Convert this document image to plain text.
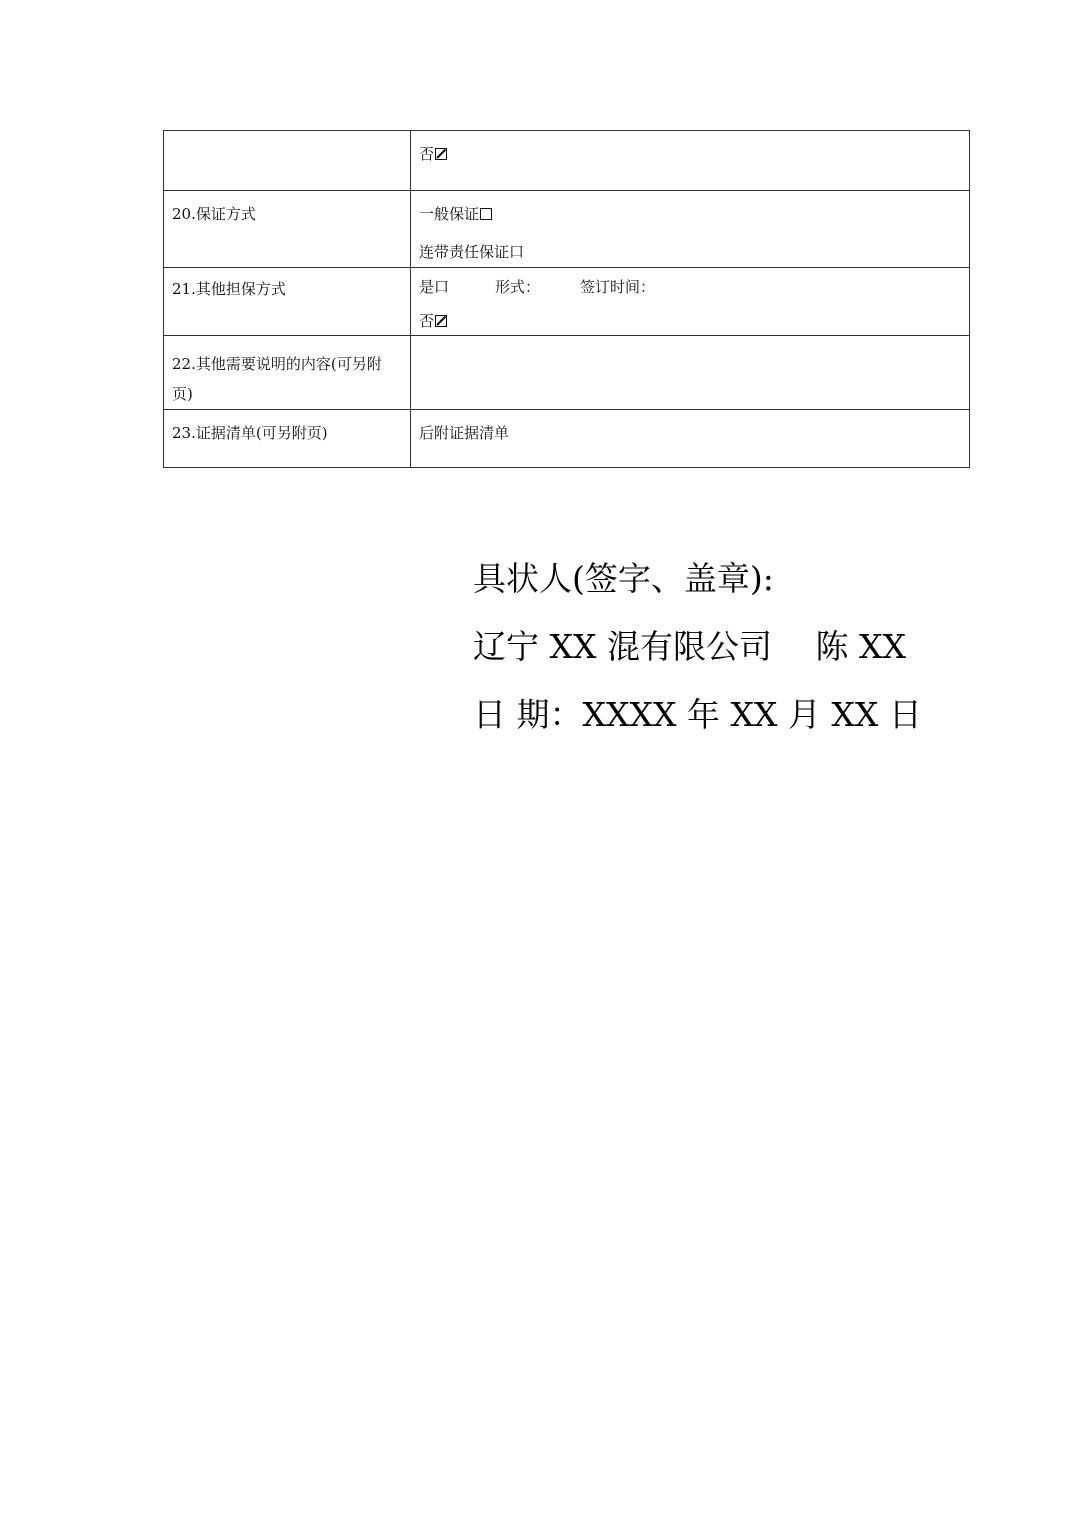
	否

20.保证方式	一般保证
连带责任保证口

21.其他担保方式	是口 形式： 签订时间：
否

22.其他需要说明的内容(可另附页)	
23.证据清单(可另附页)	后附证据清单
具状人(签字、盖章):
辽宁 XX 混有限公司　 陈 XX
日 期：XXXX 年 XX 月 XX 日
